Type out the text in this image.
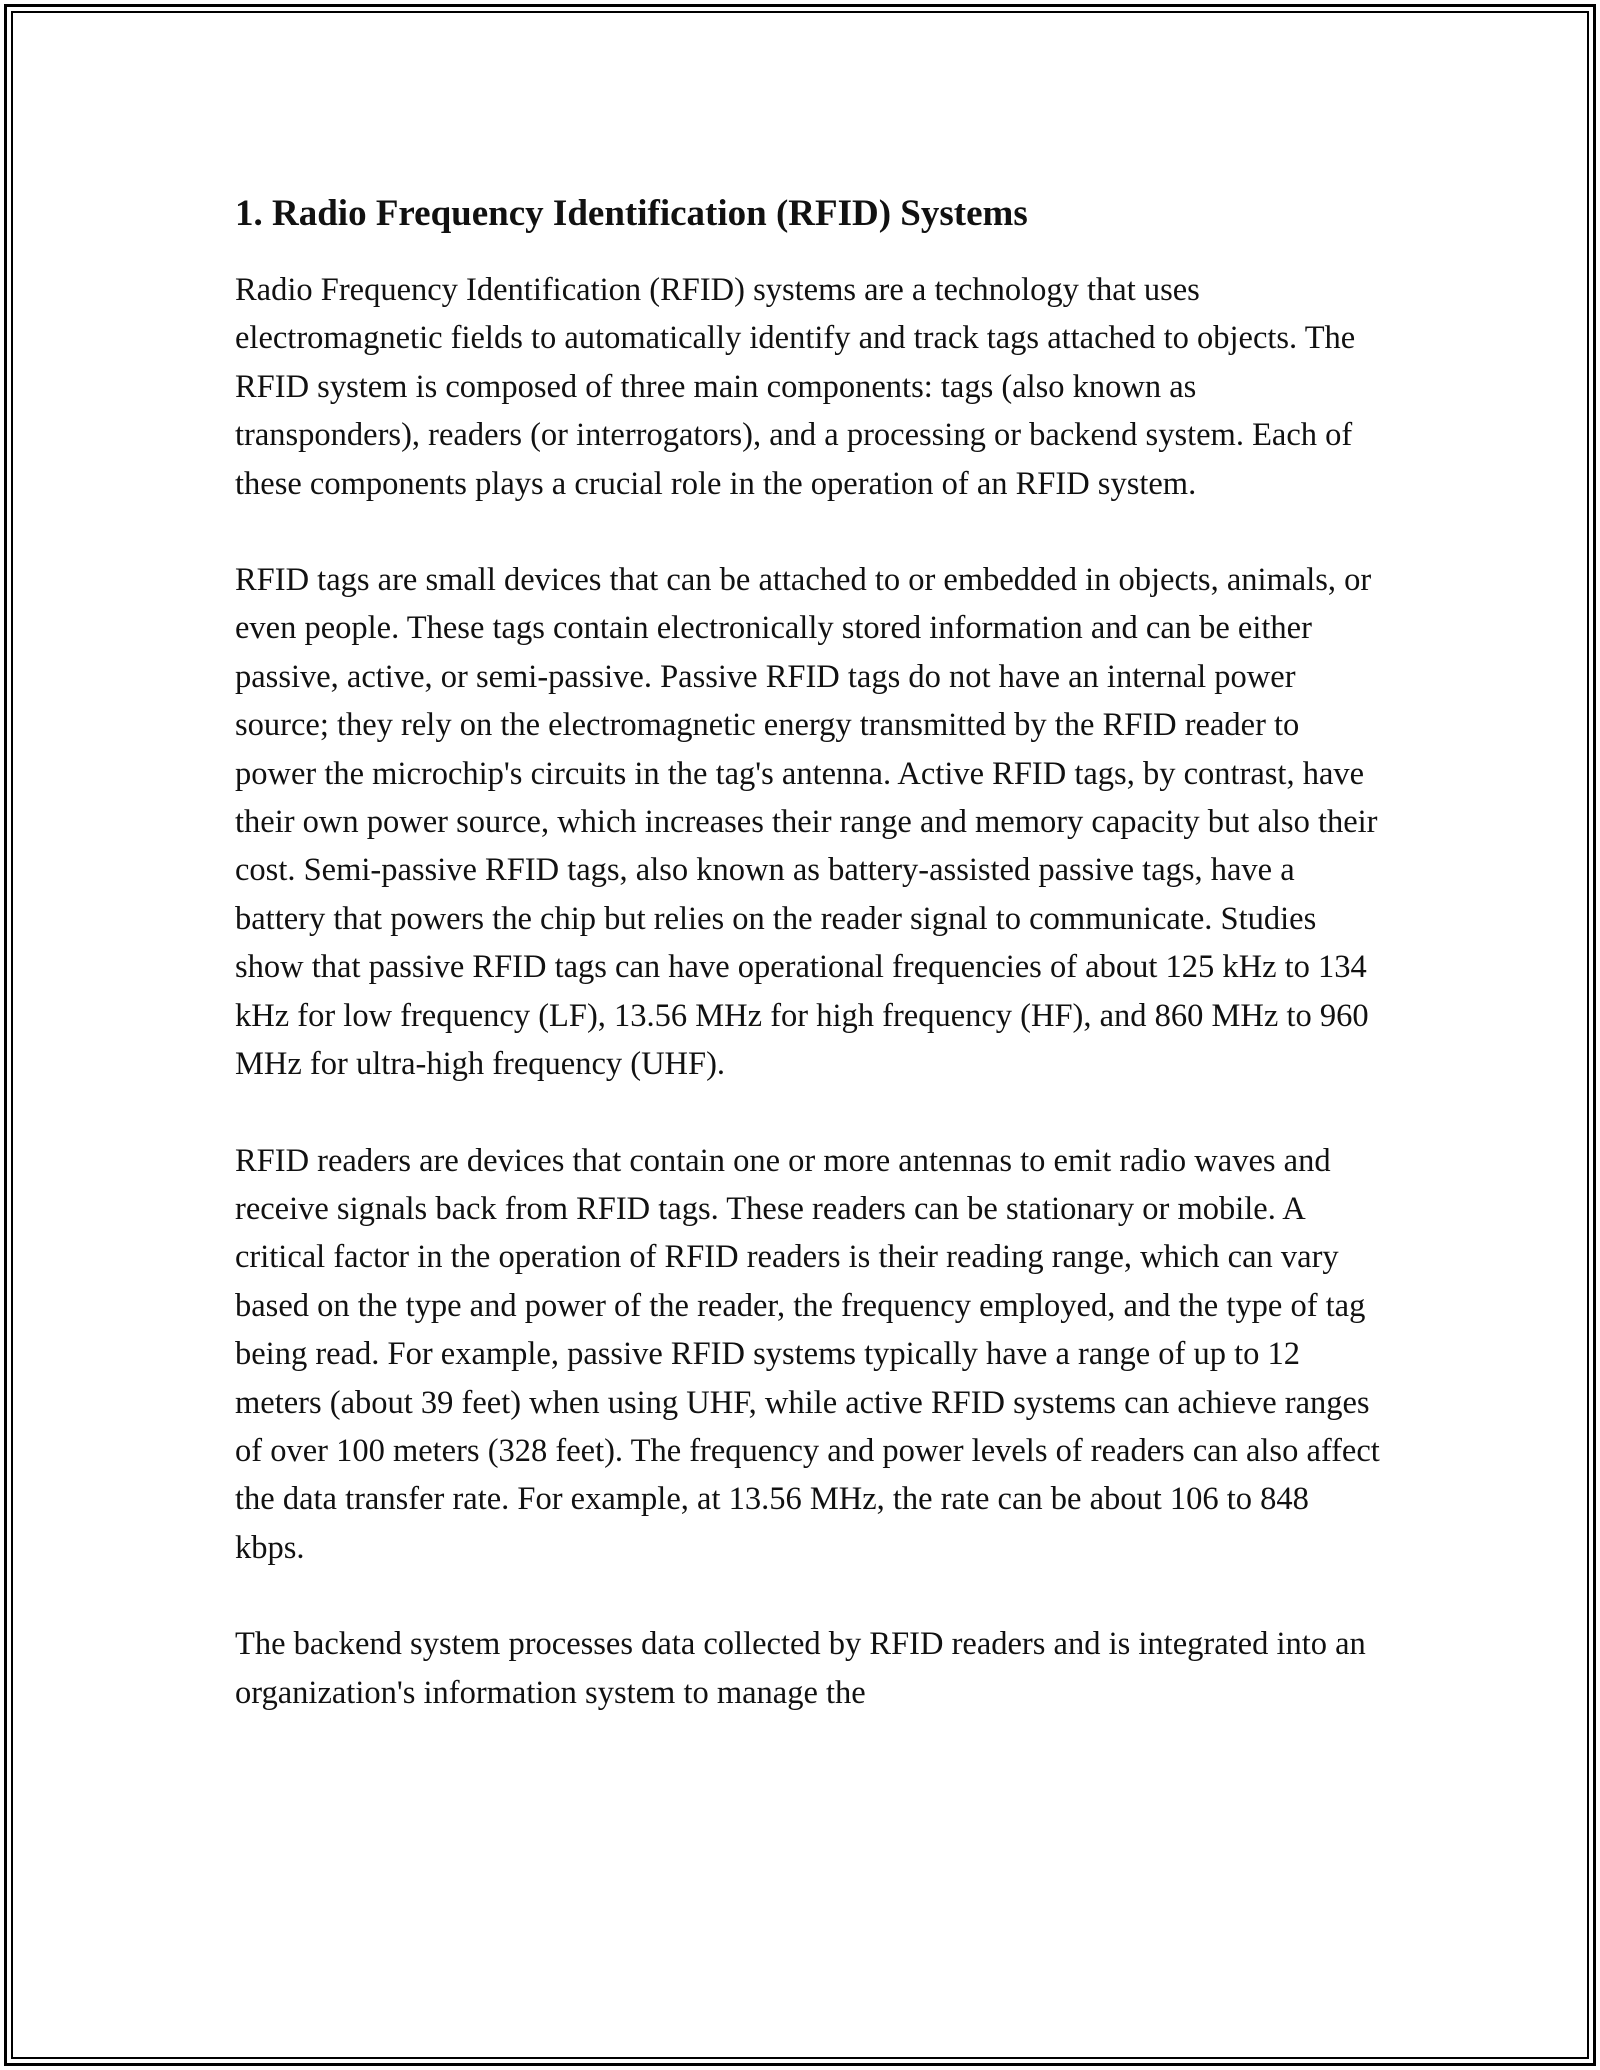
1. Radio Frequency Identification (RFID) Systems

Radio Frequency Identification (RFID) systems are a technology that uses electromagnetic fields to automatically identify and track tags attached to objects. The RFID system is composed of three main components: tags (also known as transponders), readers (or interrogators), and a processing or backend system. Each of these components plays a crucial role in the operation of an RFID system.

RFID tags are small devices that can be attached to or embedded in objects, animals, or even people. These tags contain electronically stored information and can be either passive, active, or semi-passive. Passive RFID tags do not have an internal power source; they rely on the electromagnetic energy transmitted by the RFID reader to power the microchip's circuits in the tag's antenna. Active RFID tags, by contrast, have their own power source, which increases their range and memory capacity but also their cost. Semi-passive RFID tags, also known as battery-assisted passive tags, have a battery that powers the chip but relies on the reader signal to communicate. Studies show that passive RFID tags can have operational frequencies of about 125 kHz to 134 kHz for low frequency (LF), 13.56 MHz for high frequency (HF), and 860 MHz to 960 MHz for ultra-high frequency (UHF).

RFID readers are devices that contain one or more antennas to emit radio waves and receive signals back from RFID tags. These readers can be stationary or mobile. A critical factor in the operation of RFID readers is their reading range, which can vary based on the type and power of the reader, the frequency employed, and the type of tag being read. For example, passive RFID systems typically have a range of up to 12 meters (about 39 feet) when using UHF, while active RFID systems can achieve ranges of over 100 meters (328 feet). The frequency and power levels of readers can also affect the data transfer rate. For example, at 13.56 MHz, the rate can be about 106 to 848 kbps.

The backend system processes data collected by RFID readers and is integrated into an organization's information system to manage the
